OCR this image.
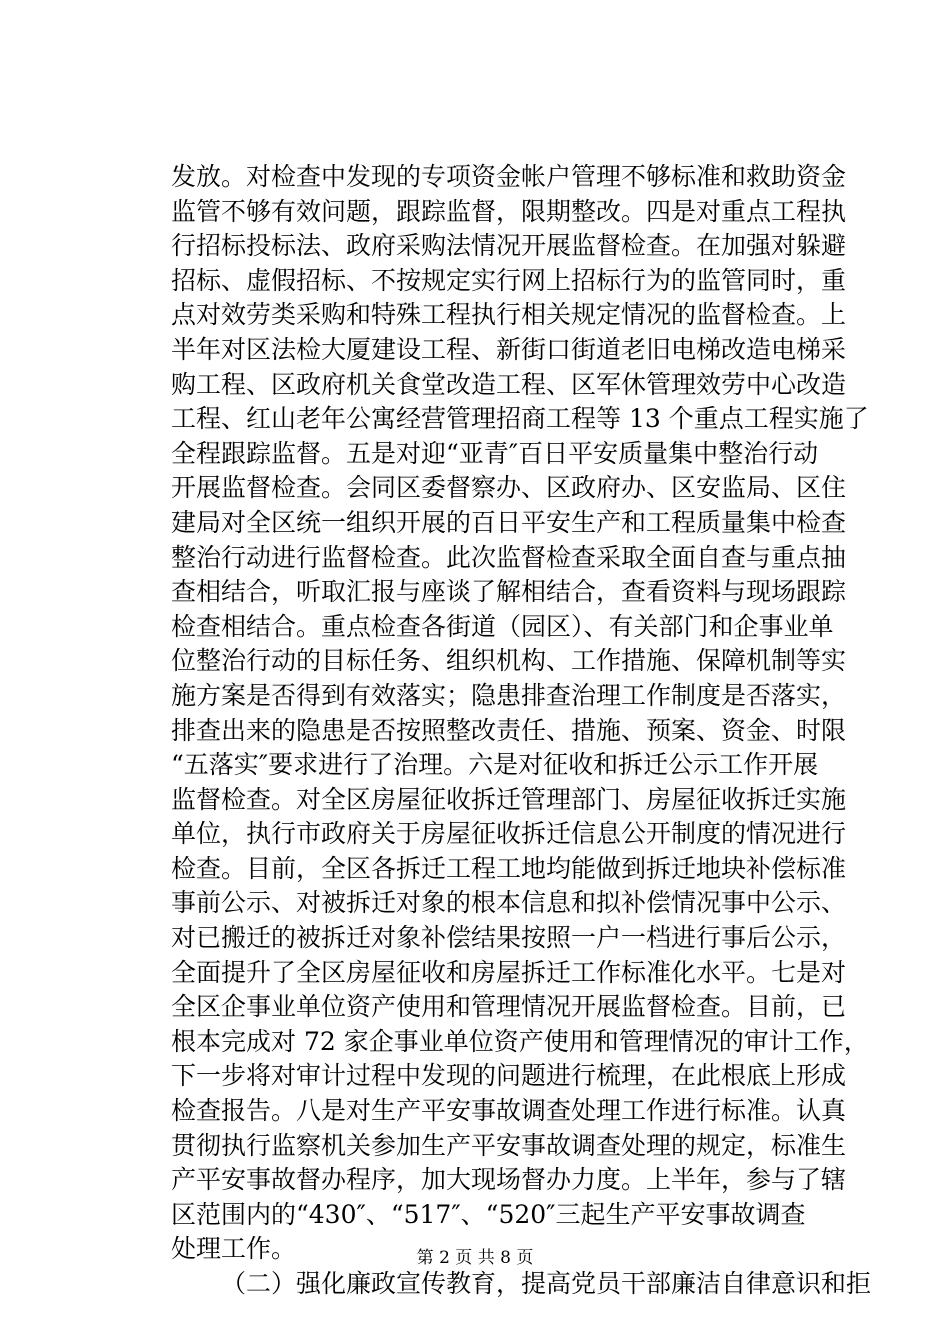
发放。对检查中发现的专项资金帐户管理不够标准和救助资金
监管不够有效问题，跟踪监督，限期整改。四是对重点工程执
行招标投标法、政府采购法情况开展监督检查。在加强对躲避
招标、虚假招标、不按规定实行网上招标行为的监管同时，重
点对效劳类采购和特殊工程执行相关规定情况的监督检查。上
半年对区法检大厦建设工程、新街口街道老旧电梯改造电梯采
购工程、区政府机关食堂改造工程、区军休管理效劳中心改造
工程、红山老年公寓经营管理招商工程等 13 个重点工程实施了
全程跟踪监督。五是对迎“亚青″百日平安质量集中整治行动
开展监督检查。会同区委督察办、区政府办、区安监局、区住
建局对全区统一组织开展的百日平安生产和工程质量集中检查
整治行动进行监督检查。此次监督检查采取全面自查与重点抽
查相结合，听取汇报与座谈了解相结合，查看资料与现场跟踪
检查相结合。重点检查各街道（园区）、有关部门和企事业单
位整治行动的目标任务、组织机构、工作措施、保障机制等实
施方案是否得到有效落实；隐患排查治理工作制度是否落实，
排查出来的隐患是否按照整改责任、措施、预案、资金、时限
“五落实″要求进行了治理。六是对征收和拆迁公示工作开展
监督检查。对全区房屋征收拆迁管理部门、房屋征收拆迁实施
单位，执行市政府关于房屋征收拆迁信息公开制度的情况进行
检查。目前，全区各拆迁工程工地均能做到拆迁地块补偿标准
事前公示、对被拆迁对象的根本信息和拟补偿情况事中公示、
对已搬迁的被拆迁对象补偿结果按照一户一档进行事后公示，
全面提升了全区房屋征收和房屋拆迁工作标准化水平。七是对
全区企事业单位资产使用和管理情况开展监督检查。目前，已
根本完成对 72 家企事业单位资产使用和管理情况的审计工作，
下一步将对审计过程中发现的问题进行梳理，在此根底上形成
检查报告。八是对生产平安事故调查处理工作进行标准。认真
贯彻执行监察机关参加生产平安事故调查处理的规定，标准生
产平安事故督办程序，加大现场督办力度。上半年，参与了辖
区范围内的“430″、“517″、“520″三起生产平安事故调查
处理工作。
（二）强化廉政宣传教育，提高党员干部廉洁自律意识和拒
第 2 页 共 8 页
